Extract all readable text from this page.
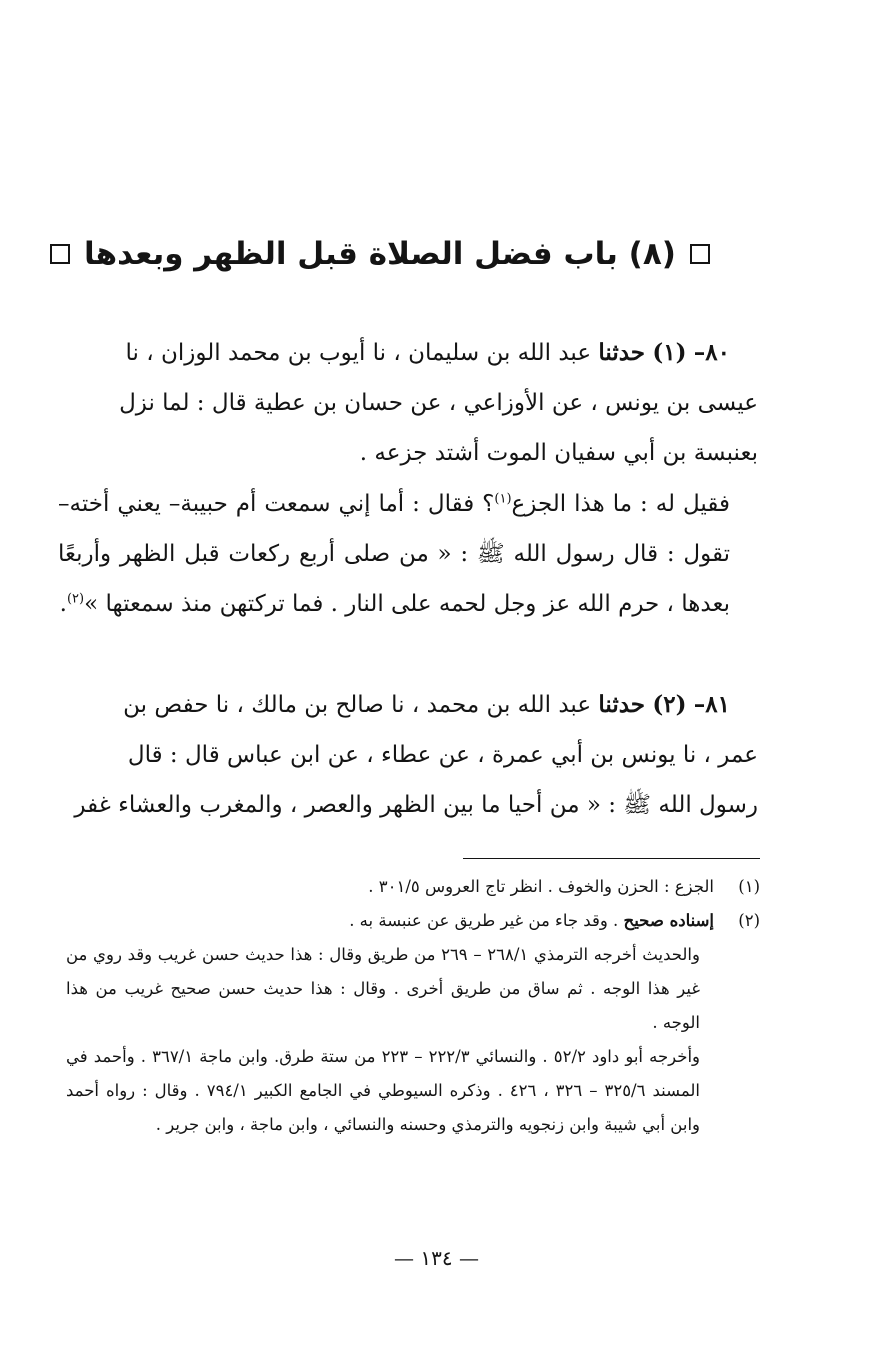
(٨) باب فضل الصلاة قبل الظهر وبعدها

٨٠– (١) حدثنا عبد الله بن سليمان ، نا أيوب بن محمد الوزان ، نا

عيسى بن يونس ، عن الأوزاعي ، عن حسان بن عطية قال : لما نزل

بعنبسة بن أبي سفيان الموت أشتد جزعه .

فقيل له : ما هذا الجزع$^{(١)}$؟ فقال : أما إني سمعت أم حبيبة– يعني أخته– تقول : قال رسول الله ﷺ : « من صلى أربع ركعات قبل الظهر وأربعًا بعدها ، حرم الله عز وجل لحمه على النار . فما تركتهن منذ سمعتها »$^{(٢)}$.

٨١– (٢) حدثنا عبد الله بن محمد ، نا صالح بن مالك ، نا حفص بن

عمر ، نا يونس بن أبي عمرة ، عن عطاء ، عن ابن عباس قال : قال

رسول الله ﷺ : « من أحيا ما بين الظهر والعصر ، والمغرب والعشاء غفر

(١)
الجزع : الحزن والخوف . انظر تاج العروس ٣٠١/٥ .
(٢)
إسناده صحيح . وقد جاء من غير طريق عن عنبسة به .

والحديث أخرجه الترمذي ٢٦٨/١ – ٢٦٩ من طريق وقال : هذا حديث حسن غريب وقد روي من غير هذا الوجه . ثم ساق من طريق أخرى . وقال : هذا حديث حسن صحيح غريب من هذا الوجه .

وأخرجه أبو داود ٥٢/٢ . والنسائي ٢٢٢/٣ – ٢٢٣ من ستة طرق. وابن ماجة ٣٦٧/١ . وأحمد في المسند ٣٢٥/٦ – ٣٢٦ ، ٤٢٦ . وذكره السيوطي في الجامع الكبير ٧٩٤/١ . وقال : رواه أحمد وابن أبي شيبة وابن زنجويه والترمذي وحسنه والنسائي ، وابن ماجة ، وابن جرير .

— ١٣٤ —
